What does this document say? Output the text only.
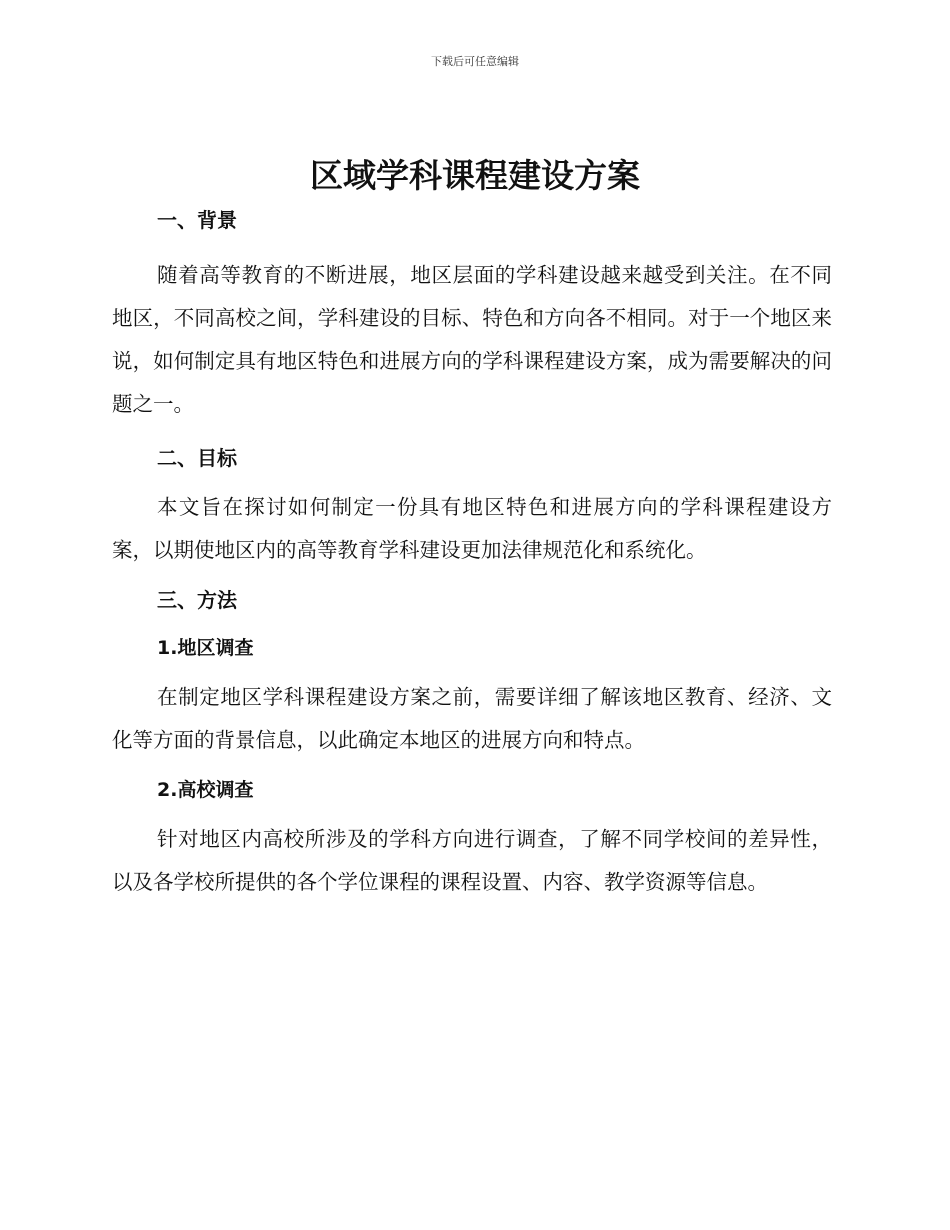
下载后可任意编辑
区域学科课程建设方案
一、背景

随着高等教育的不断进展，地区层面的学科建设越来越受到关注。在不同地区，不同高校之间，学科建设的目标、特色和方向各不相同。对于一个地区来说，如何制定具有地区特色和进展方向的学科课程建设方案，成为需要解决的问题之一。

二、目标

本文旨在探讨如何制定一份具有地区特色和进展方向的学科课程建设方案，以期使地区内的高等教育学科建设更加法律规范化和系统化。

三、方法
1.地区调查

在制定地区学科课程建设方案之前，需要详细了解该地区教育、经济、文化等方面的背景信息，以此确定本地区的进展方向和特点。

2.高校调查

针对地区内高校所涉及的学科方向进行调查，了解不同学校间的差异性，以及各学校所提供的各个学位课程的课程设置、内容、教学资源等信息。
